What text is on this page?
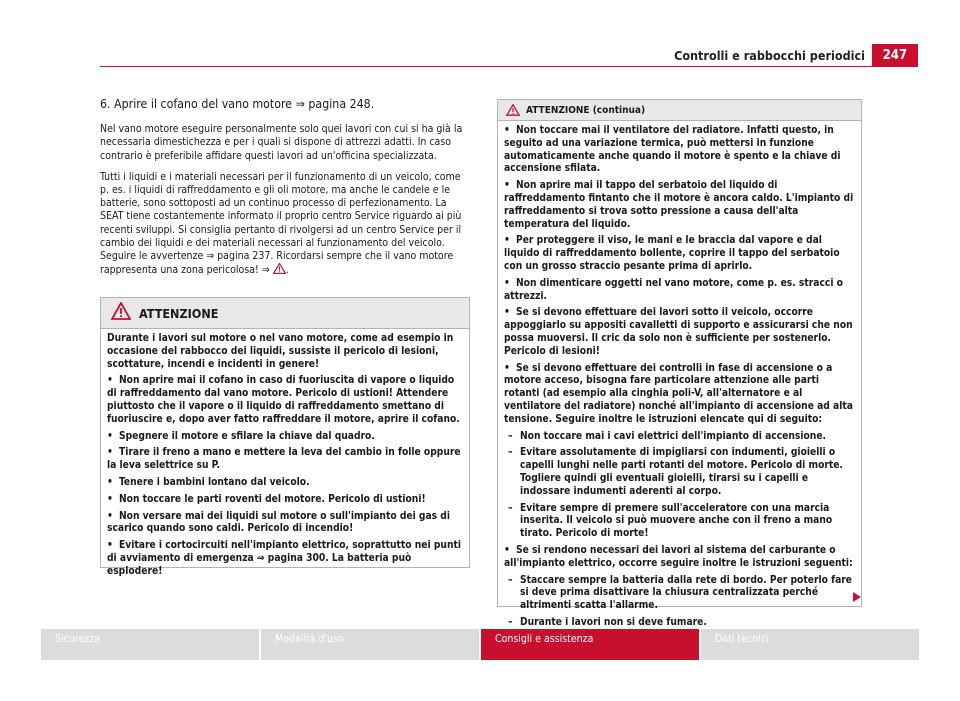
Controlli e rabbocchi periodici	247

6. Aprire il cofano del vano motore ⇒ pagina 248.

Nel vano motore eseguire personalmente solo quei lavori con cui si ha già la necessaria dimestichezza e per i quali si dispone di attrezzi adatti. In caso contrario è preferibile affidare questi lavori ad un'officina specializzata.

Tutti i liquidi e i materiali necessari per il funzionamento di un veicolo, come p. es. i liquidi di raffreddamento e gli oli motore, ma anche le candele e le batterie, sono sottoposti ad un continuo processo di perfezionamento. La SEAT tiene costantemente informato il proprio centro Service riguardo ai più recenti sviluppi. Si consiglia pertanto di rivolgersi ad un centro Service per il cambio dei liquidi e dei materiali necessari al funzionamento del veicolo. Seguire le avvertenze ⇒ pagina 237. Ricordarsi sempre che il vano motore rappresenta una zona pericolosa! ⇒ .

ATTENZIONE

Durante i lavori sul motore o nel vano motore, come ad esempio in occasione del rabbocco dei liquidi, sussiste il pericolo di lesioni, scottature, incendi e incidenti in genere!

• Non aprire mai il cofano in caso di fuoriuscita di vapore o liquido di raffreddamento dal vano motore. Pericolo di ustioni! Attendere piuttosto che il vapore o il liquido di raffreddamento smettano di fuoriuscire e, dopo aver fatto raffreddare il motore, aprire il cofano.

• Spegnere il motore e sfilare la chiave dal quadro.

• Tirare il freno a mano e mettere la leva del cambio in folle oppure la leva selettrice su P.

• Tenere i bambini lontano dal veicolo.

• Non toccare le parti roventi del motore. Pericolo di ustioni!

• Non versare mai dei liquidi sul motore o sull'impianto dei gas di scarico quando sono caldi. Pericolo di incendio!

• Evitare i cortocircuiti nell'impianto elettrico, soprattutto nei punti di avviamento di emergenza ⇒ pagina 300. La batteria può esplodere!

ATTENZIONE (continua)

• Non toccare mai il ventilatore del radiatore. Infatti questo, in seguito ad una variazione termica, può mettersi in funzione automaticamente anche quando il motore è spento e la chiave di accensione sfilata.

• Non aprire mai il tappo del serbatoio del liquido di raffreddamento fintanto che il motore è ancora caldo. L'impianto di raffreddamento si trova sotto pressione a causa dell'alta temperatura del liquido.

• Per proteggere il viso, le mani e le braccia dal vapore e dal liquido di raffreddamento bollente, coprire il tappo del serbatoio con un grosso straccio pesante prima di aprirlo.

• Non dimenticare oggetti nel vano motore, come p. es. stracci o attrezzi.

• Se si devono effettuare dei lavori sotto il veicolo, occorre appoggiarlo su appositi cavalletti di supporto e assicurarsi che non possa muoversi. Il cric da solo non è sufficiente per sostenerlo. Pericolo di lesioni!

• Se si devono effettuare dei controlli in fase di accensione o a motore acceso, bisogna fare particolare attenzione alle parti rotanti (ad esempio alla cinghia poli-V, all'alternatore e al ventilatore del radiatore) nonché all'impianto di accensione ad alta tensione. Seguire inoltre le istruzioni elencate qui di seguito:

– Non toccare mai i cavi elettrici dell'impianto di accensione.

– Evitare assolutamente di impigliarsi con indumenti, gioielli o capelli lunghi nelle parti rotanti del motore. Pericolo di morte. Togliere quindi gli eventuali gioielli, tirarsi su i capelli e indossare indumenti aderenti al corpo.

– Evitare sempre di premere sull'acceleratore con una marcia inserita. Il veicolo si può muovere anche con il freno a mano tirato. Pericolo di morte!

• Se si rendono necessari dei lavori al sistema del carburante o all'impianto elettrico, occorre seguire inoltre le istruzioni seguenti:

– Staccare sempre la batteria dalla rete di bordo. Per poterlo fare si deve prima disattivare la chiusura centralizzata perché altrimenti scatta l'allarme.

– Durante i lavori non si deve fumare.

Sicurezza	Modalità d'uso	Consigli e assistenza	Dati tecnici
